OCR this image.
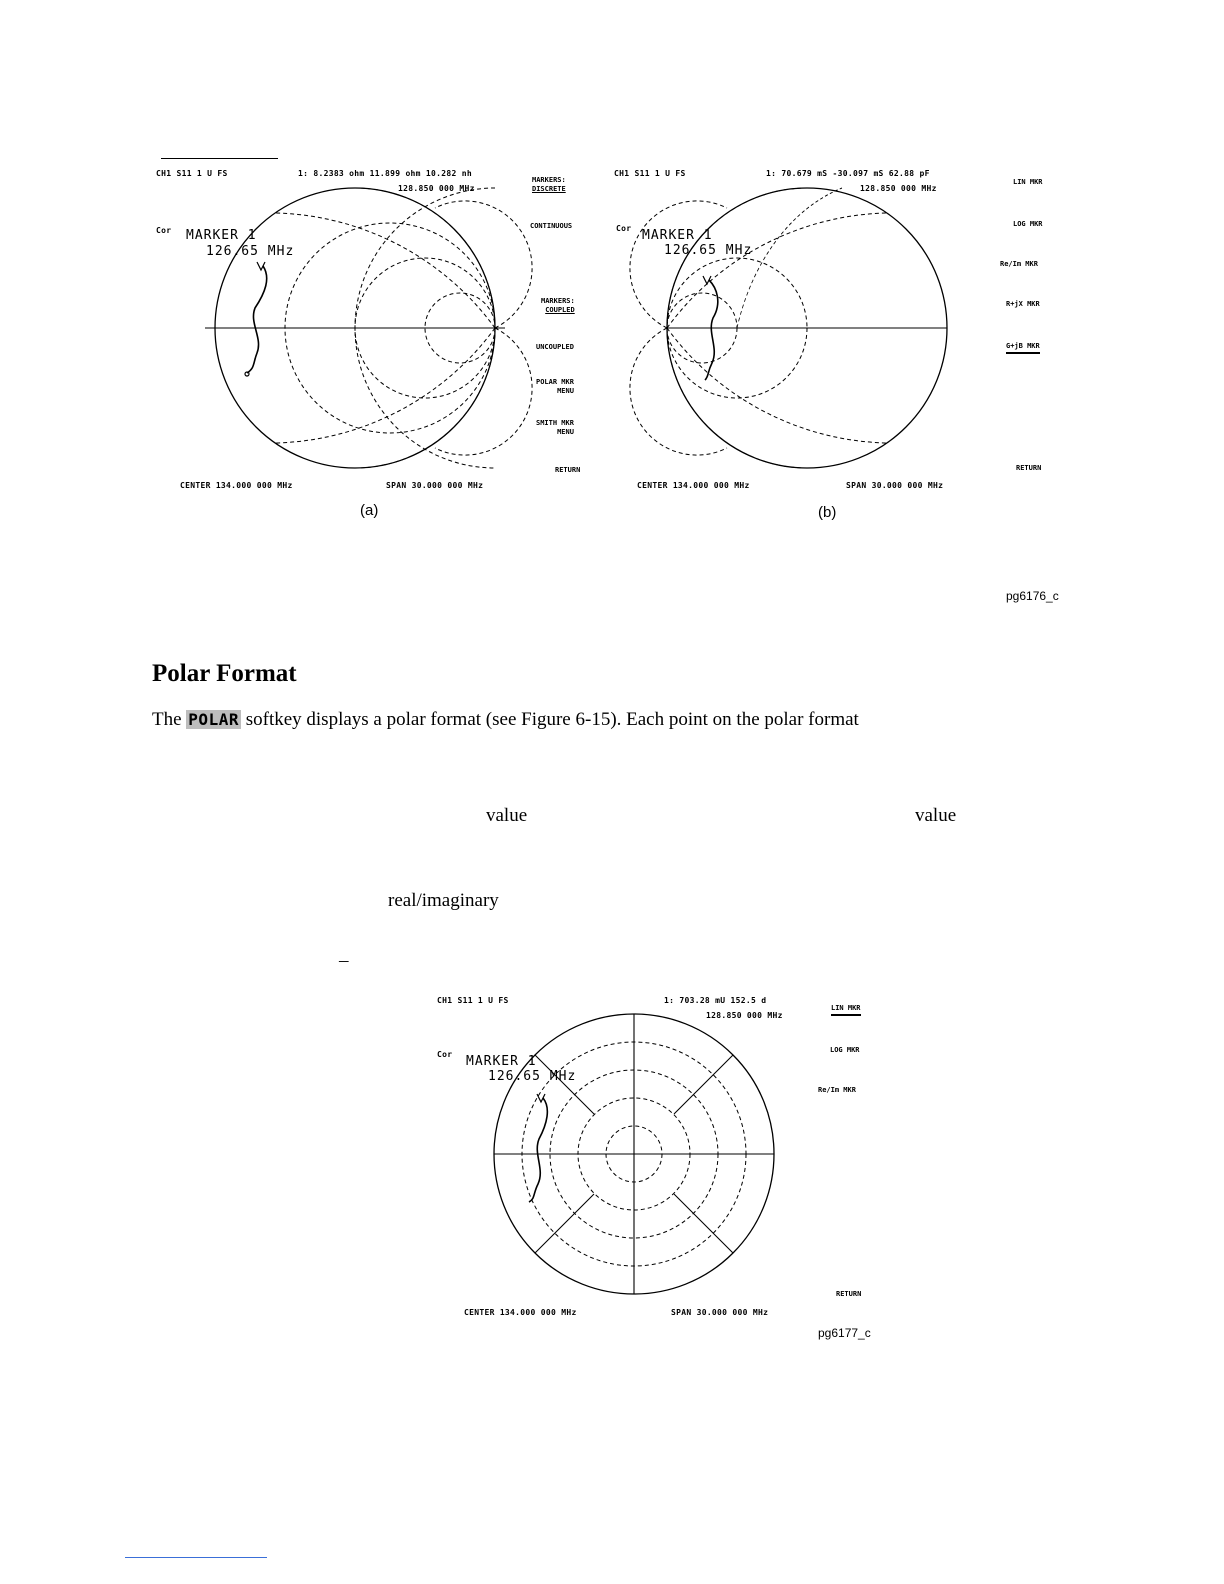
CH1 S11 1 U FS	1: 8.2383 ohm 11.899 ohm 10.282 nh
128.850 000 MHz
Cor MARKER 1
126.65 MHz
MARKERS:
DISCRETE
CONTINUOUS
MARKERS:
COUPLED
UNCOUPLED
POLAR MKR
MENU
SMITH MKR
MENU
RETURN
CENTER 134.000 000 MHz	SPAN 30.000 000 MHz
(a)
CH1 S11 1 U FS	1: 70.679 mS -30.097 mS 62.88 pF
128.850 000 MHz
Cor MARKER 1
126.65 MHz
LIN MKR
LOG MKR
Re/Im MKR
R+jX MKR
G+jB MKR
RETURN
CENTER 134.000 000 MHz	SPAN 30.000 000 MHz
(b)
pg6176_c
Polar Format
The POLAR softkey displays a polar format (see Figure 6-15). Each point on the polar format
value	value
real/imaginary
–
CH1 S11 1 U FS	1: 703.28 mU 152.5 d
128.850 000 MHz
Cor MARKER 1
126.65 MHz
LIN MKR
LOG MKR
Re/Im MKR
RETURN
CENTER 134.000 000 MHz	SPAN 30.000 000 MHz
pg6177_c
